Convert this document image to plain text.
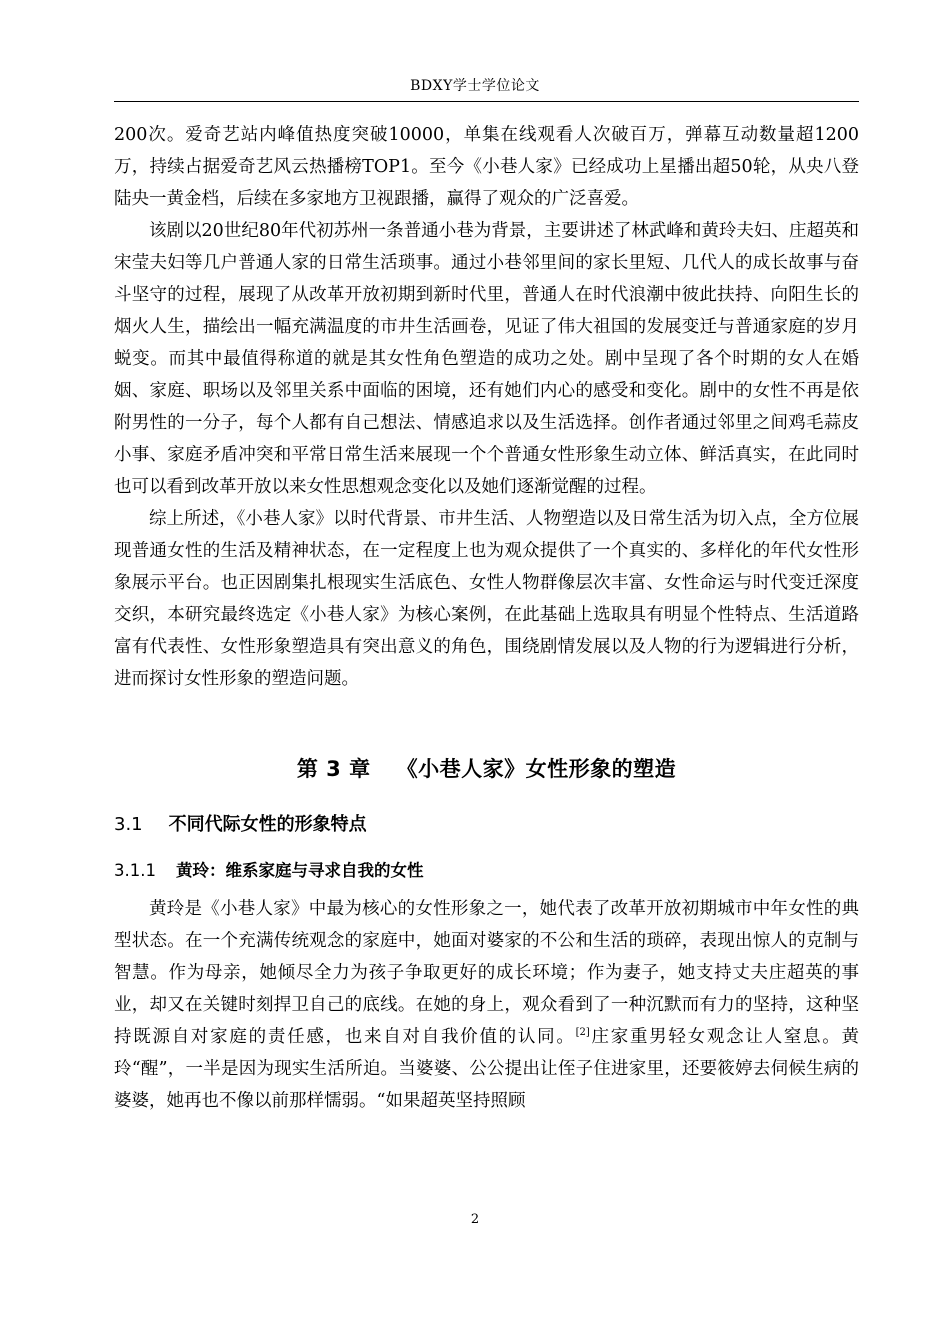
BDXY学士学位论文

200次。爱奇艺站内峰值热度突破10000，单集在线观看人次破百万，弹幕互动数量超1200万，持续占据爱奇艺风云热播榜TOP1。至今《小巷人家》已经成功上星播出超50轮，从央八登陆央一黄金档，后续在多家地方卫视跟播，赢得了观众的广泛喜爱。

该剧以20世纪80年代初苏州一条普通小巷为背景，主要讲述了林武峰和黄玲夫妇、庄超英和宋莹夫妇等几户普通人家的日常生活琐事。通过小巷邻里间的家长里短、几代人的成长故事与奋斗坚守的过程，展现了从改革开放初期到新时代里，普通人在时代浪潮中彼此扶持、向阳生长的烟火人生，描绘出一幅充满温度的市井生活画卷，见证了伟大祖国的发展变迁与普通家庭的岁月蜕变。而其中最值得称道的就是其女性角色塑造的成功之处。剧中呈现了各个时期的女人在婚姻、家庭、职场以及邻里关系中面临的困境，还有她们内心的感受和变化。剧中的女性不再是依附男性的一分子，每个人都有自己想法、情感追求以及生活选择。创作者通过邻里之间鸡毛蒜皮小事、家庭矛盾冲突和平常日常生活来展现一个个普通女性形象生动立体、鲜活真实，在此同时也可以看到改革开放以来女性思想观念变化以及她们逐渐觉醒的过程。

综上所述，《小巷人家》以时代背景、市井生活、人物塑造以及日常生活为切入点，全方位展现普通女性的生活及精神状态，在一定程度上也为观众提供了一个真实的、多样化的年代女性形象展示平台。也正因剧集扎根现实生活底色、女性人物群像层次丰富、女性命运与时代变迁深度交织，本研究最终选定《小巷人家》为核心案例，在此基础上选取具有明显个性特点、生活道路富有代表性、女性形象塑造具有突出意义的角色，围绕剧情发展以及人物的行为逻辑进行分析，进而探讨女性形象的塑造问题。

第 3 章 《小巷人家》女性形象的塑造
3.1 不同代际女性的形象特点
3.1.1 黄玲：维系家庭与寻求自我的女性

黄玲是《小巷人家》中最为核心的女性形象之一，她代表了改革开放初期城市中年女性的典型状态。在一个充满传统观念的家庭中，她面对婆家的不公和生活的琐碎，表现出惊人的克制与智慧。作为母亲，她倾尽全力为孩子争取更好的成长环境；作为妻子，她支持丈夫庄超英的事业，却又在关键时刻捍卫自己的底线。在她的身上，观众看到了一种沉默而有力的坚持，这种坚持既源自对家庭的责任感，也来自对自我价值的认同。[2]庄家重男轻女观念让人窒息。黄玲“醒”，一半是因为现实生活所迫。当婆婆、公公提出让侄子住进家里，还要筱婷去伺候生病的婆婆，她再也不像以前那样懦弱。“如果超英坚持照顾

2
